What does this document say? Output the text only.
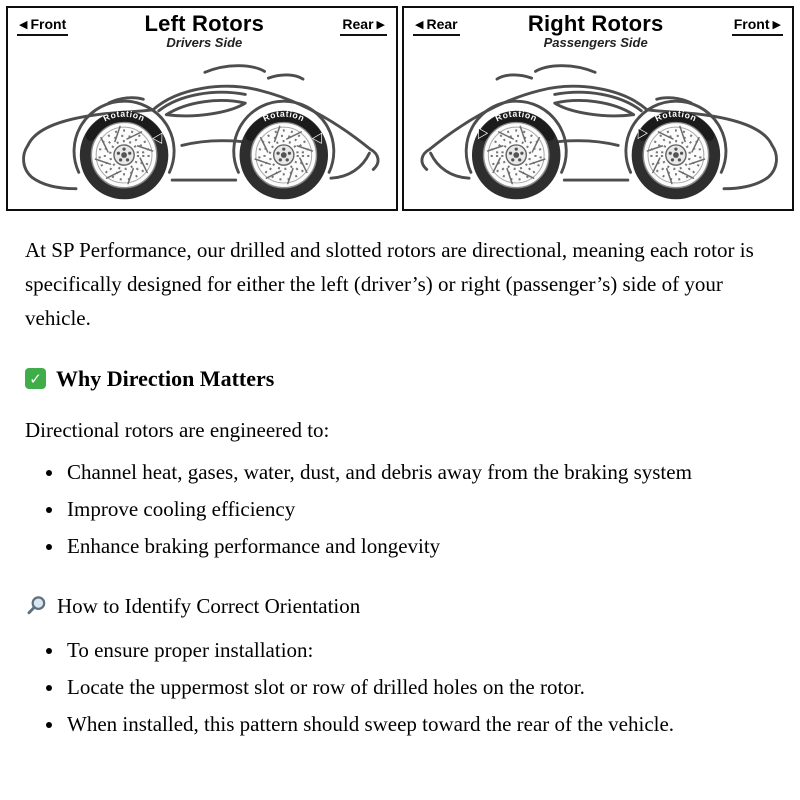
◀ Front	Left Rotors
Drivers Side
Rear ▶
Rotation	Rotation
◀ Rear	Right Rotors
Passengers Side
Front ▶
Rotation
Rotation

At SP Performance, our drilled and slotted rotors are directional, meaning each rotor is specifically designed for either the left (driver’s) or right (passenger’s) side of your vehicle.

✓ Why Direction Matters

Directional rotors are engineered to:

• Channel heat, gases, water, dust, and debris away from the braking system
• Improve cooling efficiency
• Enhance braking performance and longevity
How to Identify Correct Orientation
• To ensure proper installation:
• Locate the uppermost slot or row of drilled holes on the rotor.
• When installed, this pattern should sweep toward the rear of the vehicle.
